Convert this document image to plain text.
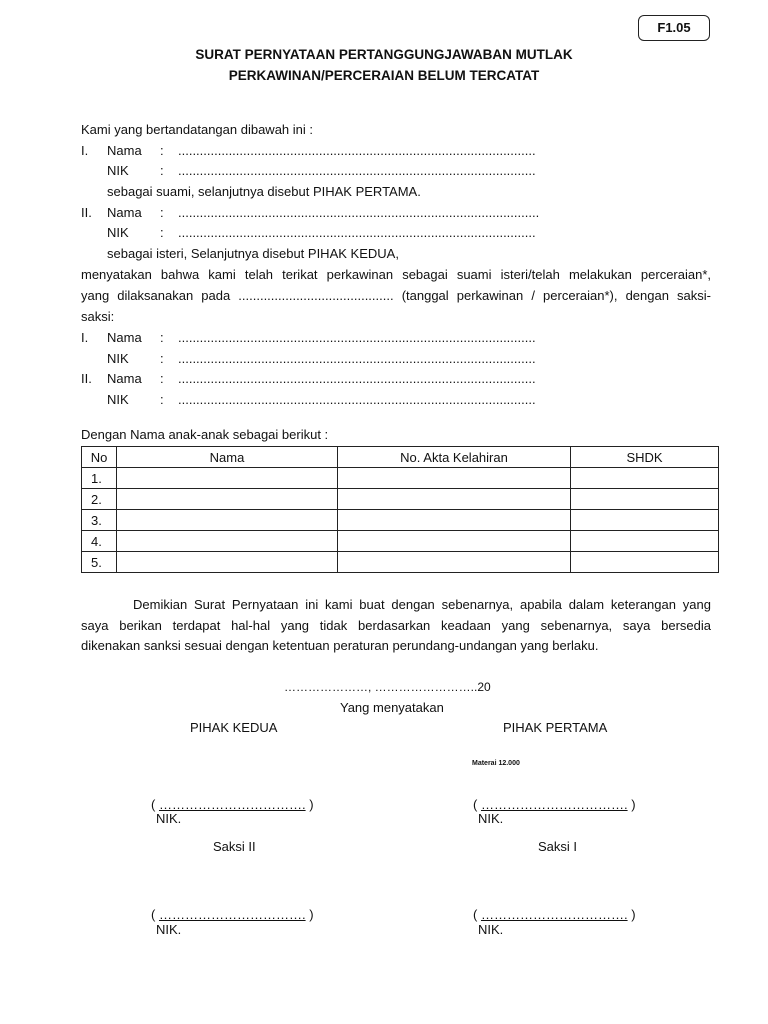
F1.05
SURAT PERNYATAAN PERTANGGUNGJAWABAN MUTLAK
PERKAWINAN/PERCERAIAN BELUM TERCATAT
Kami yang bertandatangan dibawah ini :
I. Nama : ...................................................................................................
NIK : ...................................................................................................
sebagai suami, selanjutnya disebut PIHAK PERTAMA.
II. Nama : ....................................................................................................
NIK : ...................................................................................................
sebagai isteri, Selanjutnya disebut PIHAK KEDUA,
menyatakan bahwa kami telah terikat perkawinan sebagai suami isteri/telah melakukan perceraian*,
yang dilaksanakan pada ........................................... (tanggal perkawinan / perceraian*), dengan saksi-
saksi:
I. Nama : ...................................................................................................
NIK : ...................................................................................................
II. Nama : ...................................................................................................
NIK : ...................................................................................................
Dengan Nama anak-anak sebagai berikut :
No	Nama	No. Akta Kelahiran	SHDK
1.			
2.			
3.			
4.			
5.			
Demikian Surat Pernyataan ini kami buat dengan sebenarnya, apabila dalam keterangan yang
saya berikan terdapat hal-hal yang tidak berdasarkan keadaan yang sebenarnya, saya bersedia
dikenakan sanksi sesuai dengan ketentuan peraturan perundang-undangan yang berlaku.
…………………, ……………………..20
Yang menyatakan
PIHAK KEDUA	PIHAK PERTAMA
Materai 12.000
( ……………………………. )
NIK.
( ……………………………. )
NIK.
Saksi II	Saksi I
( ……………………………. )
NIK.
( ……………………………. )
NIK.
